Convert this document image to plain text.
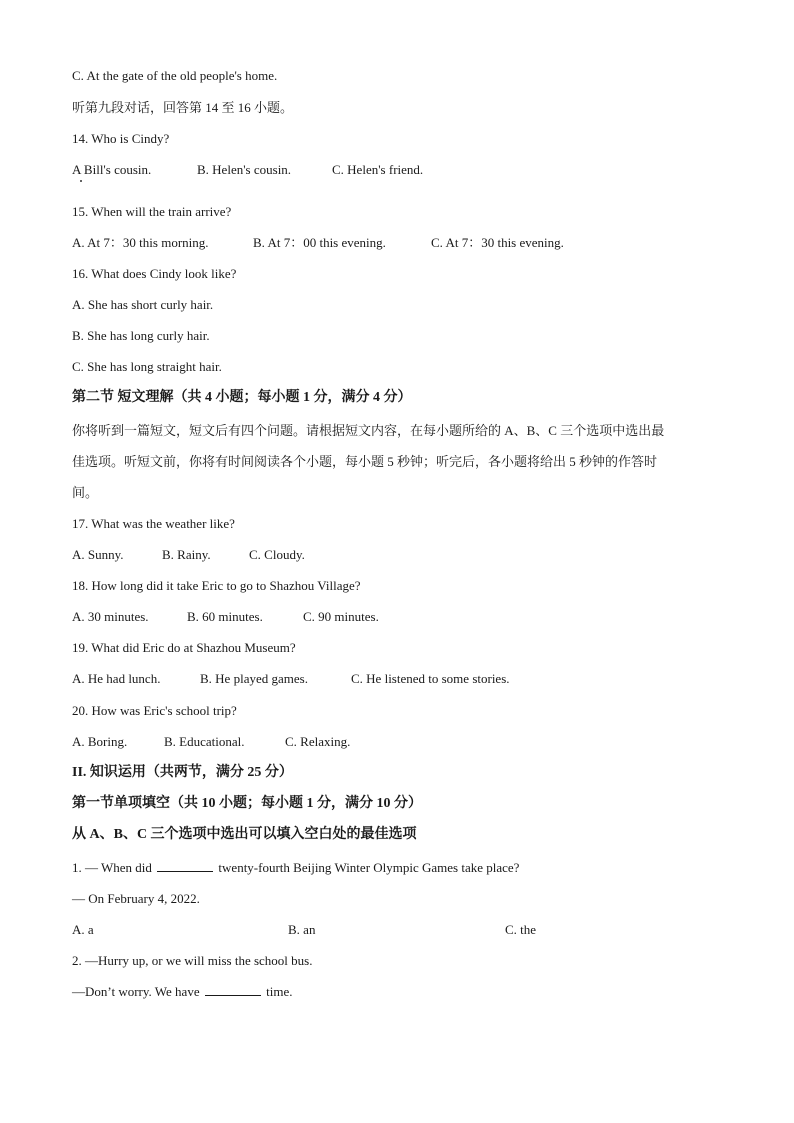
C. At the gate of the old people's home.
听第九段对话，回答第 14 至 16 小题。
14. Who is Cindy?
A Bill's cousin.	B. Helen's cousin.	C. Helen's friend.
15. When will the train arrive?
A. At 7：30 this morning.	B. At 7：00 this evening.	C. At 7：30 this evening.
16. What does Cindy look like?
A. She has short curly hair.
B. She has long curly hair.
C. She has long straight hair.
第二节 短文理解（共 4 小题；每小题 1 分，满分 4 分）
你将听到一篇短文，短文后有四个问题。请根据短文内容，在每小题所给的 A、B、C 三个选项中选出最
佳选项。听短文前，你将有时间阅读各个小题，每小题 5 秒钟；听完后，各小题将给出 5 秒钟的作答时
间。
17. What was the weather like?
A. Sunny.	B. Rainy.	C. Cloudy.
18. How long did it take Eric to go to Shazhou Village?
A. 30 minutes.	B. 60 minutes.	C. 90 minutes.
19. What did Eric do at Shazhou Museum?
A. He had lunch.	B. He played games.	C. He listened to some stories.
20. How was Eric's school trip?
A. Boring.	B. Educational.	C. Relaxing.
II. 知识运用（共两节，满分 25 分）
第一节单项填空（共 10 小题；每小题 1 分，满分 10 分）
从 A、B、C 三个选项中选出可以填入空白处的最佳选项
1. — When did	twenty-fourth Beijing Winter Olympic Games take place?
— On February 4, 2022.
A. a	B. an	C. the
2. —Hurry up, or we will miss the school bus.
—Don’t worry. We have	time.
